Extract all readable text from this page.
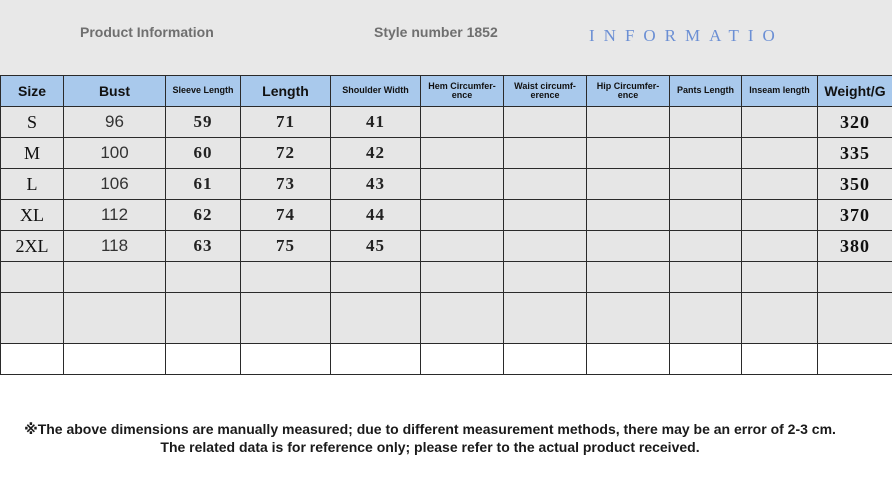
Product Information	Style number 1852	INFORMATIO
Size	Bust	Sleeve Length	Length	Shoulder Width	Hem Circumfer- ence	Waist circumf- erence	Hip Circumfer- ence	Pants Length	Inseam length	Weight/G
S	96	59	71	41						320
M	100	60	72	42						335
L	106	61	73	43						350
XL	112	62	74	44						370
2XL	118	63	75	45						380

※The above dimensions are manually measured; due to different measurement methods, there may be an error of 2-3 cm.
The related data is for reference only; please refer to the actual product received.
